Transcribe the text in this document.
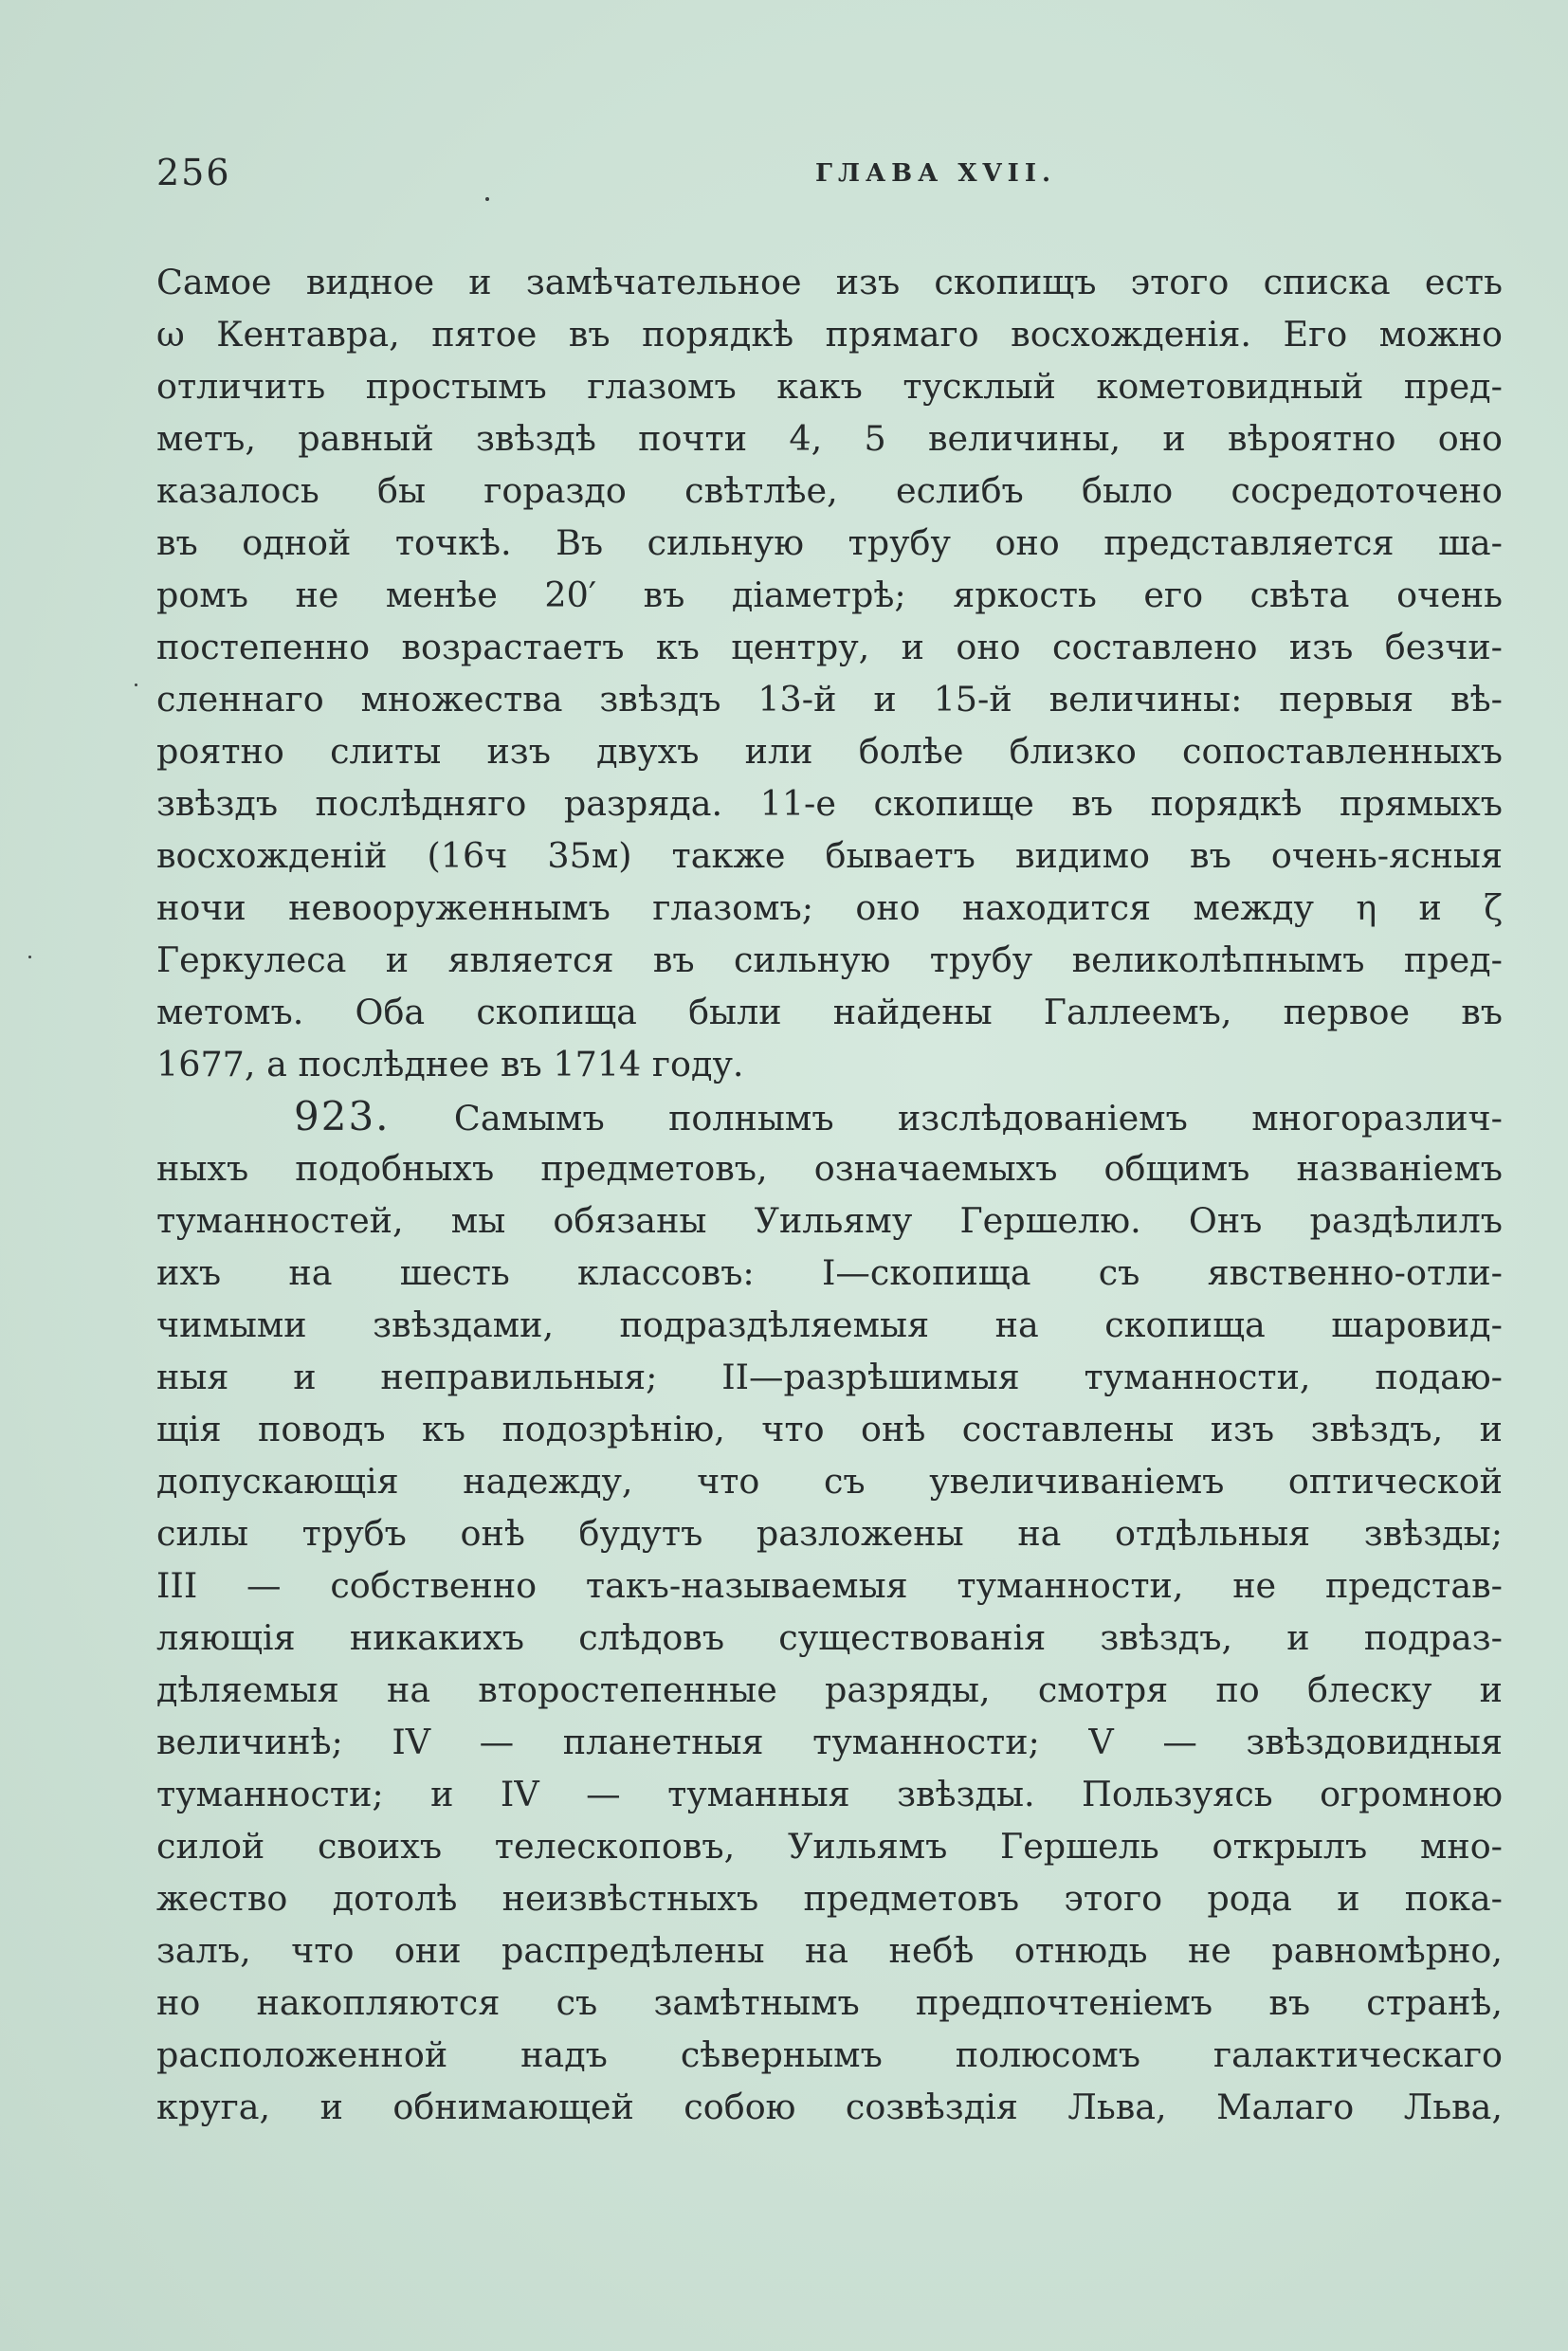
256	ГЛАВА XVII.
Самое видное и замѣчательное изъ скопищъ этого списка есть
ω Кентавра, пятое въ порядкѣ прямаго восхожденія. Его можно
отличить простымъ глазомъ какъ тусклый кометовидный пред-
метъ, равный звѣздѣ почти 4, 5 величины, и вѣроятно оно
казалось бы гораздо свѣтлѣе, еслибъ было сосредоточено
въ одной точкѣ. Въ сильную трубу оно представляется ша-
ромъ не менѣе 20′ въ діаметрѣ; яркость его свѣта очень
постепенно возрастаетъ къ центру, и оно составлено изъ безчи-
сленнаго множества звѣздъ 13-й и 15-й величины: первыя вѣ-
роятно слиты изъ двухъ или болѣе близко сопоставленныхъ
звѣздъ послѣдняго разряда. 11-е скопище въ порядкѣ прямыхъ
восхожденій (16ч 35м) также бываетъ видимо въ очень-ясныя
ночи невооруженнымъ глазомъ; оно находится между η и ζ
Геркулеса и является въ сильную трубу великолѣпнымъ пред-
метомъ. Оба скопища были найдены Галлеемъ, первое въ
1677, а послѣднее въ 1714 году.
923. Самымъ полнымъ изслѣдованіемъ многоразлич-
ныхъ подобныхъ предметовъ, означаемыхъ общимъ названіемъ
туманностей, мы обязаны Уильяму Гершелю. Онъ раздѣлилъ
ихъ на шесть классовъ: I—скопища съ явственно-отли-
чимыми звѣздами, подраздѣляемыя на скопища шаровид-
ныя и неправильныя; II—разрѣшимыя туманности, подаю-
щія поводъ къ подозрѣнію, что онѣ составлены изъ звѣздъ, и
допускающія надежду, что съ увеличиваніемъ оптической
силы трубъ онѣ будутъ разложены на отдѣльныя звѣзды;
III — собственно такъ-называемыя туманности, не представ-
ляющія никакихъ слѣдовъ существованія звѣздъ, и подраз-
дѣляемыя на второстепенные разряды, смотря по блеску и
величинѣ; IV — планетныя туманности; V — звѣздовидныя
туманности; и IV — туманныя звѣзды. Пользуясь огромною
силой своихъ телескоповъ, Уильямъ Гершель открылъ мно-
жество дотолѣ неизвѣстныхъ предметовъ этого рода и пока-
залъ, что они распредѣлены на небѣ отнюдь не равномѣрно,
но накопляются съ замѣтнымъ предпочтеніемъ въ странѣ,
расположенной надъ сѣвернымъ полюсомъ галактическаго
круга, и обнимающей собою созвѣздія Льва, Малаго Льва,
